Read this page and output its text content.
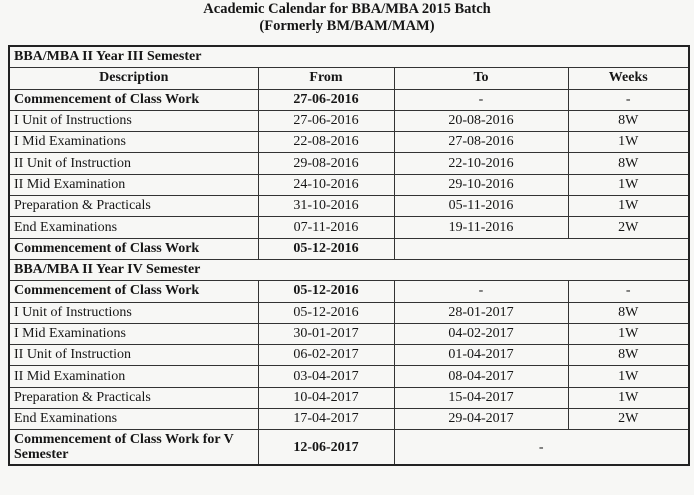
Academic Calendar for BBA/MBA 2015 Batch
(Formerly BM/BAM/MAM)
BBA/MBA II Year III Semester			
Description	From	To	Weeks
Commencement of Class Work	27-06-2016	-	-
I Unit of Instructions	27-06-2016	20-08-2016	8W
I Mid Examinations	22-08-2016	27-08-2016	1W
II Unit of Instruction	29-08-2016	22-10-2016	8W
II Mid Examination	24-10-2016	29-10-2016	1W
Preparation & Practicals	31-10-2016	05-11-2016	1W
End Examinations	07-11-2016	19-11-2016	2W
Commencement of Class Work	05-12-2016		
BBA/MBA II Year IV Semester			
Commencement of Class Work	05-12-2016	-	-
I Unit of Instructions	05-12-2016	28-01-2017	8W
I Mid Examinations	30-01-2017	04-02-2017	1W
II Unit of Instruction	06-02-2017	01-04-2017	8W
II Mid Examination	03-04-2017	08-04-2017	1W
Preparation & Practicals	10-04-2017	15-04-2017	1W
End Examinations	17-04-2017	29-04-2017	2W
Commencement of Class Work for V Semester	12-06-2017	-	
